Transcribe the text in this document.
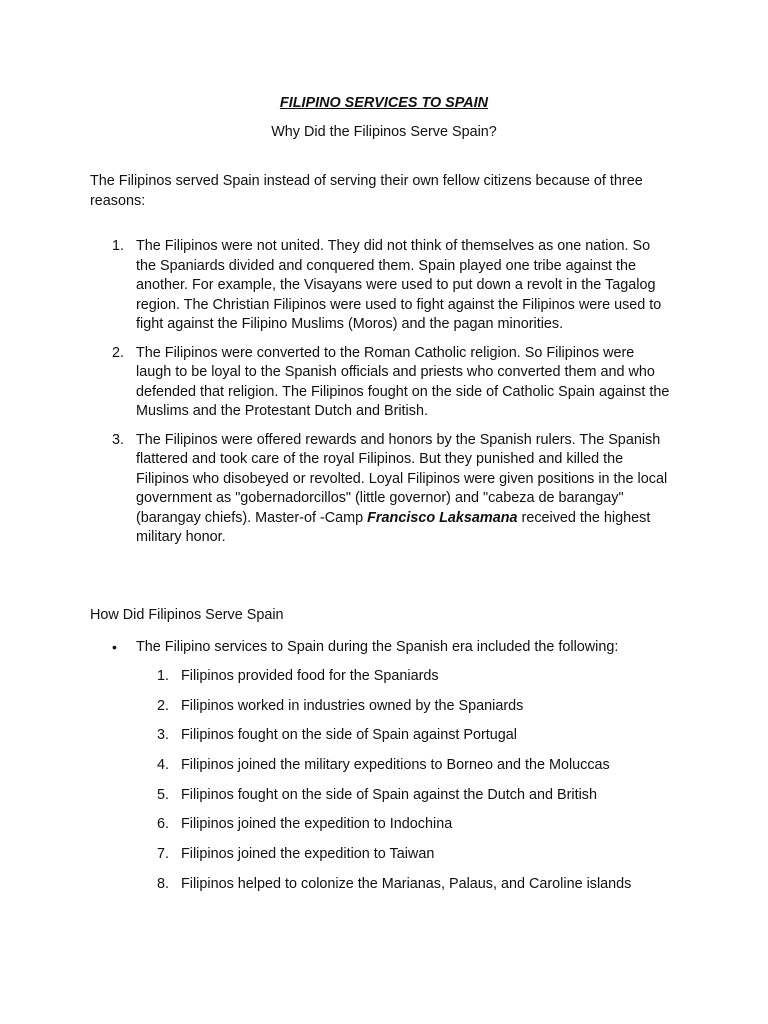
FILIPINO SERVICES TO SPAIN
Why Did the Filipinos Serve Spain?
The Filipinos served Spain instead of serving their own fellow citizens because of three reasons:
1. The Filipinos were not united. They did not think of themselves as one nation. So the Spaniards divided and conquered them. Spain played one tribe against the another. For example, the Visayans were used to put down a revolt in the Tagalog region. The Christian Filipinos were used to fight against the Filipinos were used to fight against the Filipino Muslims (Moros) and the pagan minorities.
2. The Filipinos were converted to the Roman Catholic religion. So Filipinos were laugh to be loyal to the Spanish officials and priests who converted them and who defended that religion. The Filipinos fought on the side of Catholic Spain against the Muslims and the Protestant Dutch and British.
3. The Filipinos were offered rewards and honors by the Spanish rulers. The Spanish flattered and took care of the royal Filipinos. But they punished and killed the Filipinos who disobeyed or revolted. Loyal Filipinos were given positions in the local government as "gobernadorcillos" (little governor) and "cabeza de barangay" (barangay chiefs). Master-of -Camp Francisco Laksamana received the highest military honor.
How Did Filipinos Serve Spain
• The Filipino services to Spain during the Spanish era included the following:
1. Filipinos provided food for the Spaniards
2. Filipinos worked in industries owned by the Spaniards
3. Filipinos fought on the side of Spain against Portugal
4. Filipinos joined the military expeditions to Borneo and the Moluccas
5. Filipinos fought on the side of Spain against the Dutch and British
6. Filipinos joined the expedition to Indochina
7. Filipinos joined the expedition to Taiwan
8. Filipinos helped to colonize the Marianas, Palaus, and Caroline islands
